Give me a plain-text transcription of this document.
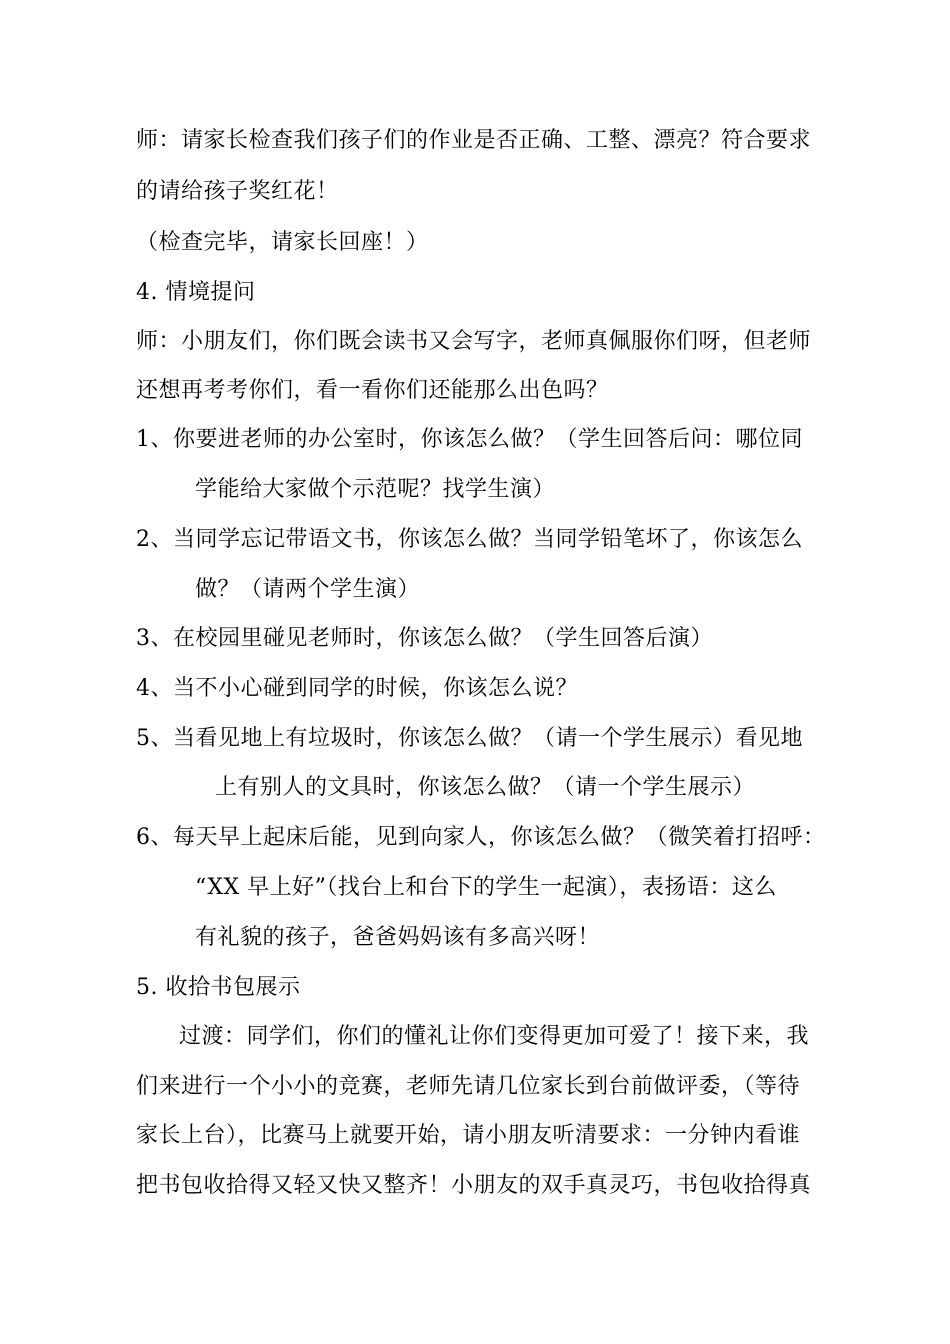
师：请家长检查我们孩子们的作业是否正确、工整、漂亮？符合要求
的请给孩子奖红花！
（检查完毕，请家长回座！）
4. 情境提问
师：小朋友们，你们既会读书又会写字，老师真佩服你们呀，但老师
还想再考考你们，看一看你们还能那么出色吗？
1、你要进老师的办公室时，你该怎么做？（学生回答后问：哪位同
学能给大家做个示范呢？找学生演）
2、当同学忘记带语文书，你该怎么做？当同学铅笔坏了，你该怎么
做？（请两个学生演）
3、在校园里碰见老师时，你该怎么做？（学生回答后演）
4、当不小心碰到同学的时候，你该怎么说？
5、当看见地上有垃圾时，你该怎么做？（请一个学生展示）看见地
上有别人的文具时，你该怎么做？（请一个学生展示）
6、每天早上起床后能，见到向家人，你该怎么做？（微笑着打招呼：
“XX 早上好”（找台上和台下的学生一起演），表扬语：这么
有礼貌的孩子，爸爸妈妈该有多高兴呀！
5. 收拾书包展示
过渡：同学们，你们的懂礼让你们变得更加可爱了！接下来，我
们来进行一个小小的竞赛，老师先请几位家长到台前做评委，（等待
家长上台），比赛马上就要开始，请小朋友听清要求：一分钟内看谁
把书包收拾得又轻又快又整齐！小朋友的双手真灵巧，书包收拾得真
